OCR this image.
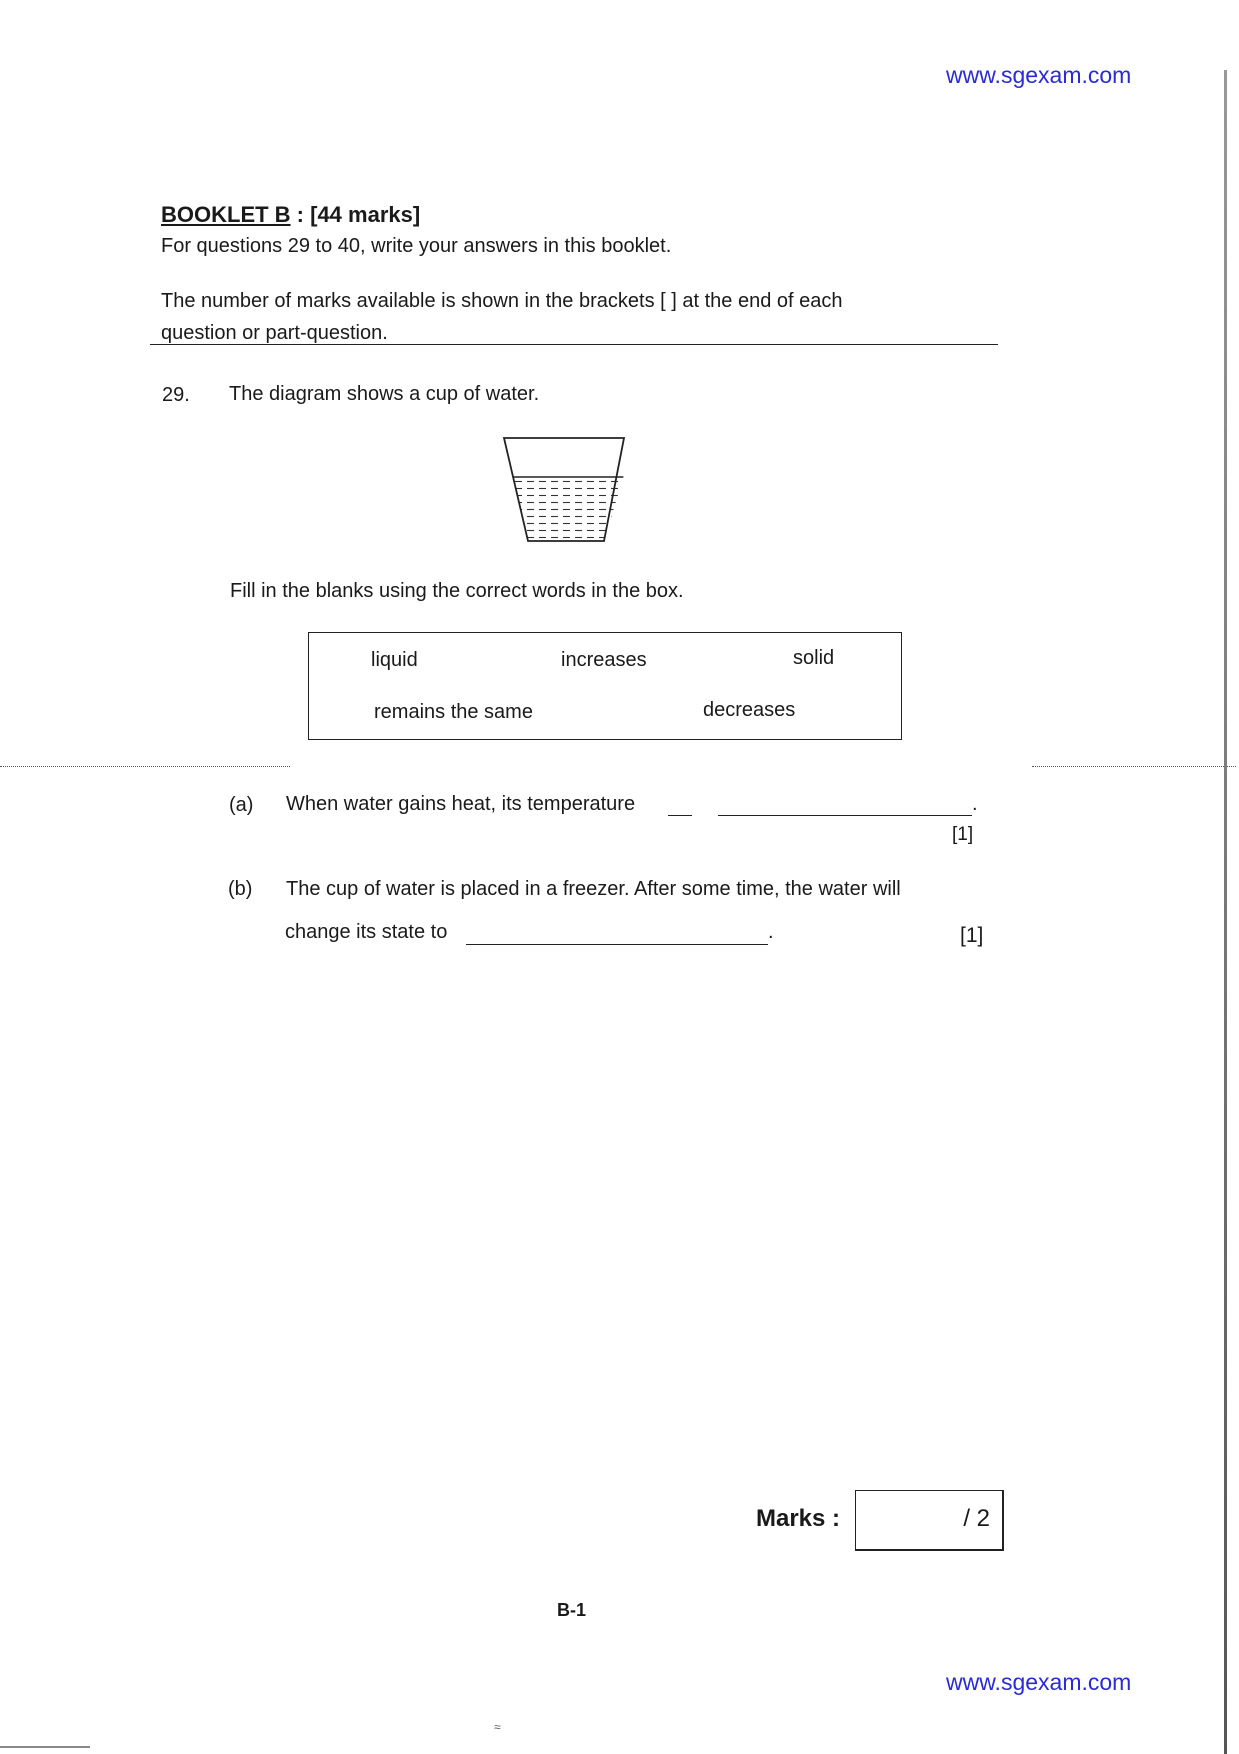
www.sgexam.com
BOOKLET B : [44 marks]
For questions 29 to 40, write your answers in this booklet.
The number of marks available is shown in the brackets [ ] at the end of each
question or part-question.
29. The diagram shows a cup of water.
Fill in the blanks using the correct words in the box.
liquid	increases	solid
remains the same	decreases
(a) When water gains heat, its temperature	.
[1]
(b) The cup of water is placed in a freezer. After some time, the water will
change its state to	.	[1]
Marks :	/ 2
B-1
www.sgexam.com
≈
